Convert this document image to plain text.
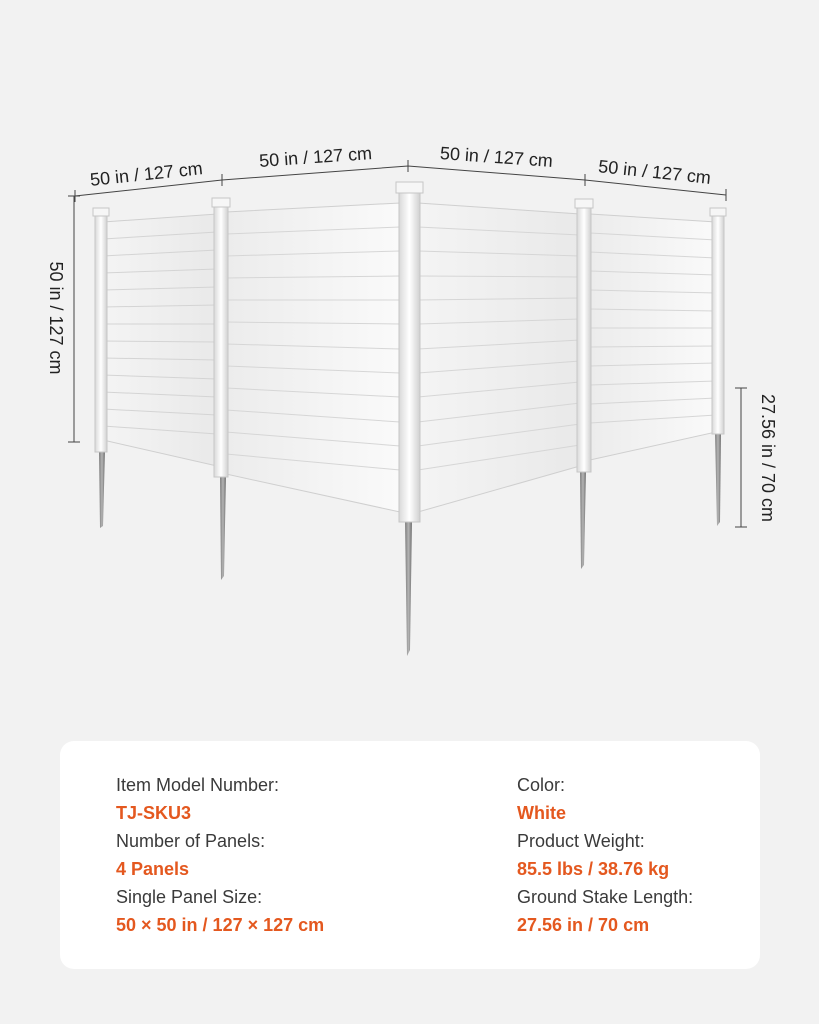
50 in / 127 cm
50 in / 127 cm	50 in / 127 cm 50 in / 127 cm
50 in / 127 cm
27.56 in / 70 cm
Item Model Number:
TJ-SKU3
Number of Panels:
4 Panels
Single Panel Size:
50 × 50 in / 127 × 127 cm
Color:
White
Product Weight:
85.5 lbs / 38.76 kg
Ground Stake Length:
27.56 in / 70 cm
